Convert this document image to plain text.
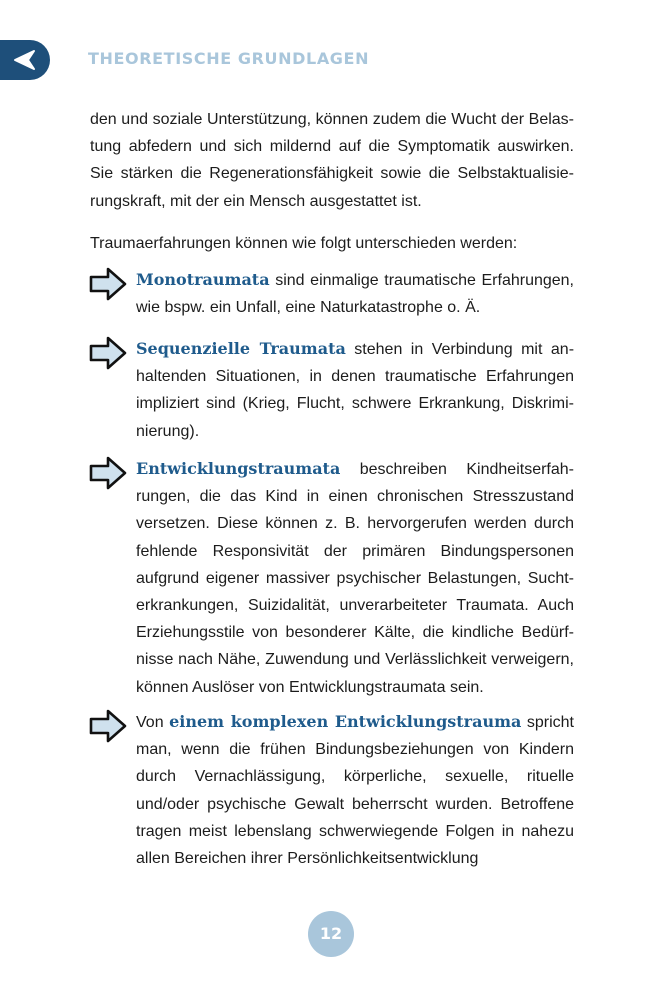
THEORETISCHE GRUNDLAGEN

den und soziale Unterstützung, können zudem die Wucht der Belastung abfedern und sich mildernd auf die Symptomatik auswirken. Sie stärken die Regenerationsfähigkeit sowie die Selbstaktualisierungskraft, mit der ein Mensch ausgestattet ist.

Traumaerfahrungen können wie folgt unterschieden werden:

Monotraumata sind einmalige traumatische Erfahrungen, wie bspw. ein Unfall, eine Naturkatastrophe o. Ä.
Sequenzielle Traumata stehen in Verbindung mit anhaltenden Situationen, in denen traumatische Erfahrungen impliziert sind (Krieg, Flucht, schwere Erkrankung, Diskriminierung).
Entwicklungstraumata beschreiben Kindheitserfahrungen, die das Kind in einen chronischen Stresszustand versetzen. Diese können z. B. hervorgerufen werden durch fehlende Responsivität der primären Bindungspersonen aufgrund eigener massiver psychischer Belastungen, Suchterkrankungen, Suizidalität, unverarbeiteter Traumata. Auch Erziehungsstile von besonderer Kälte, die kindliche Bedürfnisse nach Nähe, Zuwendung und Verlässlichkeit verweigern, können Auslöser von Entwicklungstraumata sein.
Von einem komplexen Entwicklungstrauma spricht man, wenn die frühen Bindungsbeziehungen von Kindern durch Vernachlässigung, körperliche, sexuelle, rituelle und/oder psychische Gewalt beherrscht wurden. Betroffene tragen meist lebenslang schwerwiegende Folgen in nahezu allen Bereichen ihrer Persönlichkeitsentwicklung
12
